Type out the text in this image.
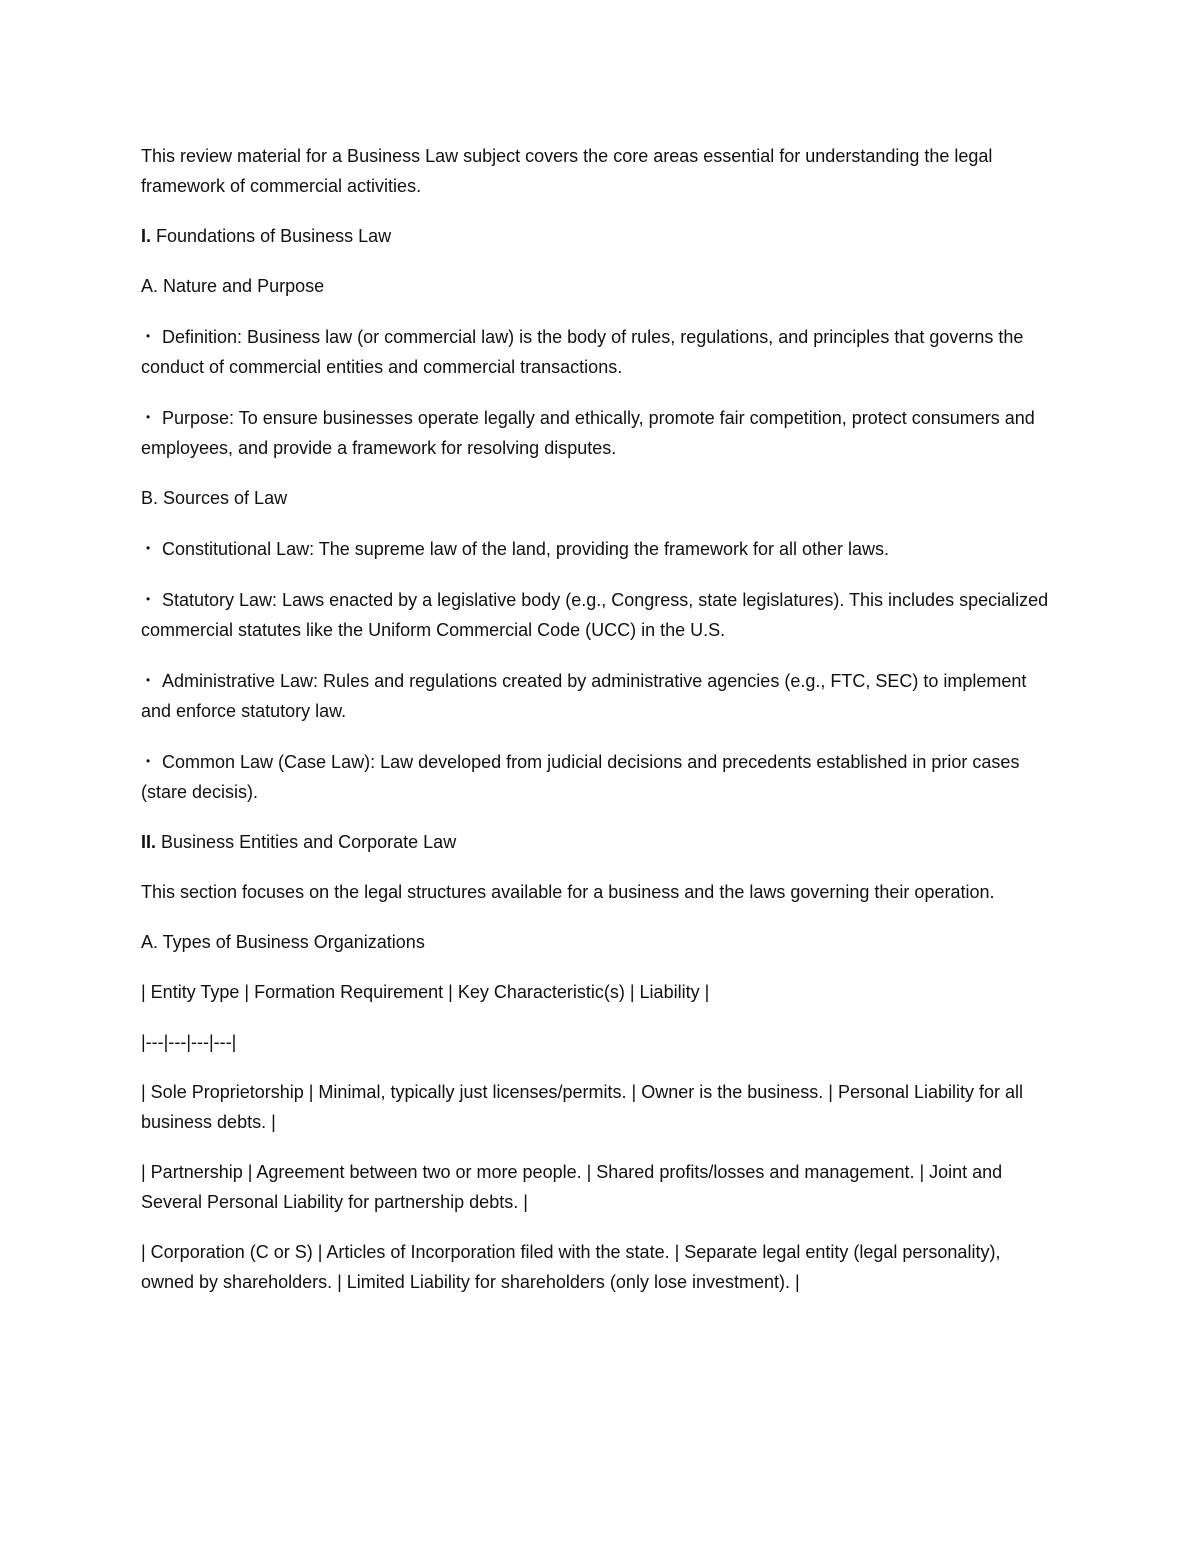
This review material for a Business Law subject covers the core areas essential for understanding the legal framework of commercial activities.

I. Foundations of Business Law

A. Nature and Purpose

• Definition: Business law (or commercial law) is the body of rules, regulations, and principles that governs the conduct of commercial entities and commercial transactions.

• Purpose: To ensure businesses operate legally and ethically, promote fair competition, protect consumers and employees, and provide a framework for resolving disputes.

B. Sources of Law

• Constitutional Law: The supreme law of the land, providing the framework for all other laws.

• Statutory Law: Laws enacted by a legislative body (e.g., Congress, state legislatures). This includes specialized commercial statutes like the Uniform Commercial Code (UCC) in the U.S.

• Administrative Law: Rules and regulations created by administrative agencies (e.g., FTC, SEC) to implement and enforce statutory law.

• Common Law (Case Law): Law developed from judicial decisions and precedents established in prior cases (stare decisis).

II. Business Entities and Corporate Law

This section focuses on the legal structures available for a business and the laws governing their operation.

A. Types of Business Organizations

| Entity Type | Formation Requirement | Key Characteristic(s) | Liability |

|---|---|---|---|

| Sole Proprietorship | Minimal, typically just licenses/permits. | Owner is the business. | Personal Liability for all business debts. |

| Partnership | Agreement between two or more people. | Shared profits/losses and management. | Joint and Several Personal Liability for partnership debts. |

| Corporation (C or S) | Articles of Incorporation filed with the state. | Separate legal entity (legal personality), owned by shareholders. | Limited Liability for shareholders (only lose investment). |
